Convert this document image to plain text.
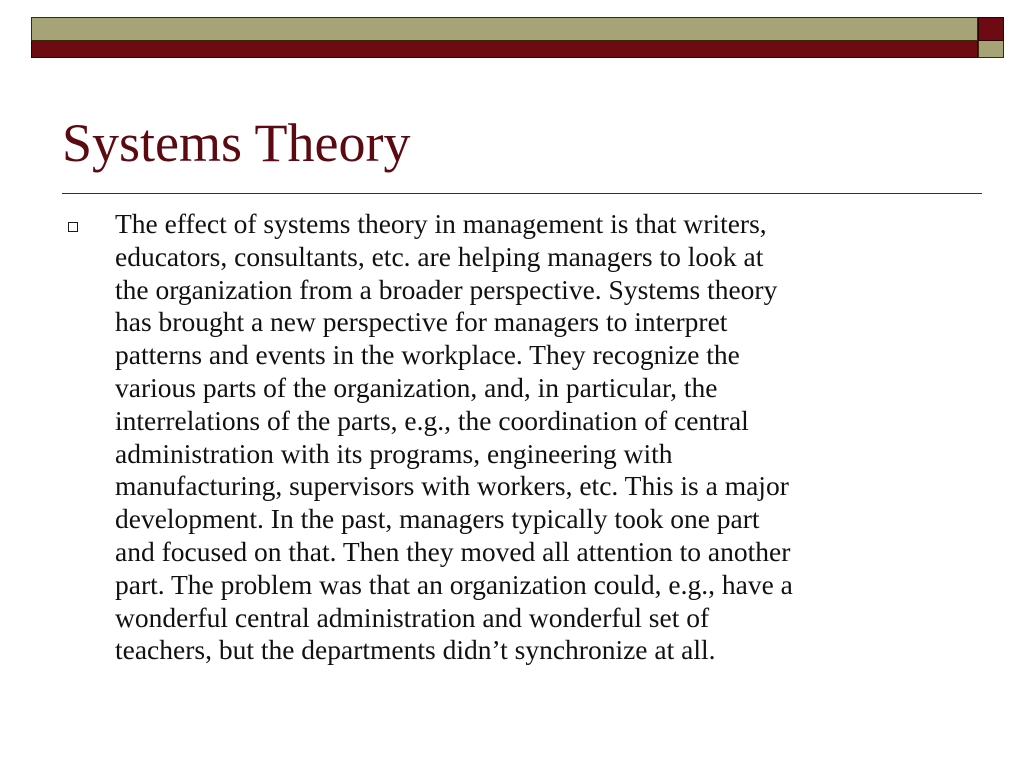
Systems Theory
The effect of systems theory in management is that writers,
educators, consultants, etc. are helping managers to look at
the organization from a broader perspective. Systems theory
has brought a new perspective for managers to interpret
patterns and events in the workplace. They recognize the
various parts of the organization, and, in particular, the
interrelations of the parts, e.g., the coordination of central
administration with its programs, engineering with
manufacturing, supervisors with workers, etc. This is a major
development. In the past, managers typically took one part
and focused on that. Then they moved all attention to another
part. The problem was that an organization could, e.g., have a
wonderful central administration and wonderful set of
teachers, but the departments didn’t synchronize at all.
